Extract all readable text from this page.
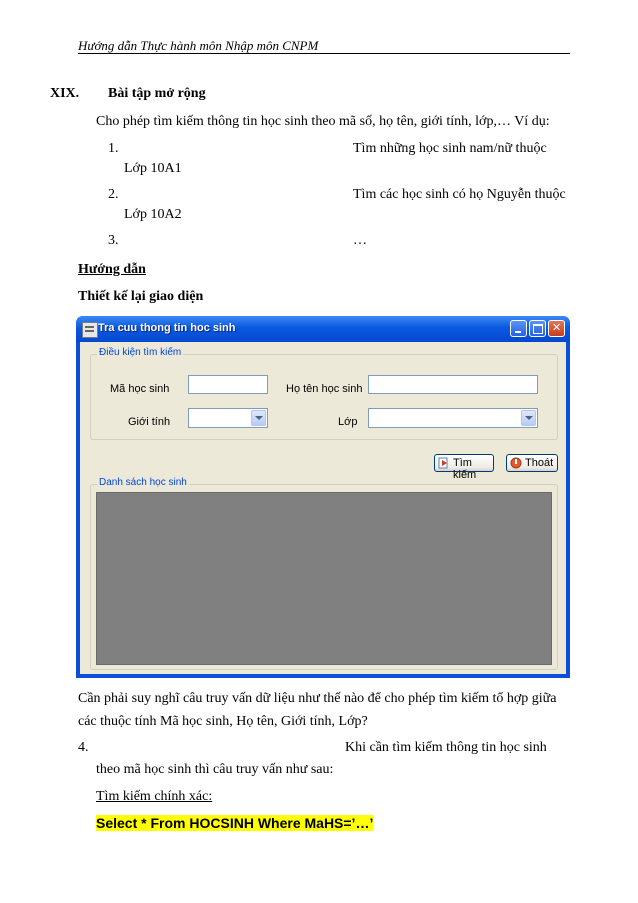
Hướng dẫn Thực hành môn Nhập môn CNPM
XIX. Bài tập mở rộng
Cho phép tìm kiếm thông tin học sinh theo mã số, họ tên, giới tính, lớp,… Ví dụ:
1.	Tìm những học sinh nam/nữ thuộc
Lớp 10A1
2.	Tìm các học sinh có họ Nguyễn thuộc
Lớp 10A2
3.	…
Hướng dẫn
Thiết kế lại giao diện
Tra cuu thong tin hoc sinh
✕
Điều kiện tìm kiếm
Mã học sinh	Họ tên học sinh
Giới tính	Lớp
Tìm kiếm
Thoát
Danh sách học sinh
Cần phải suy nghĩ câu truy vấn dữ liệu như thế nào để cho phép tìm kiếm tổ hợp giữa
các thuộc tính Mã học sinh, Họ tên, Giới tính, Lớp?
4.	Khi cần tìm kiếm thông tin học sinh
theo mã học sinh thì câu truy vấn như sau:
Tìm kiếm chính xác:
Select * From HOCSINH Where MaHS=’…’
